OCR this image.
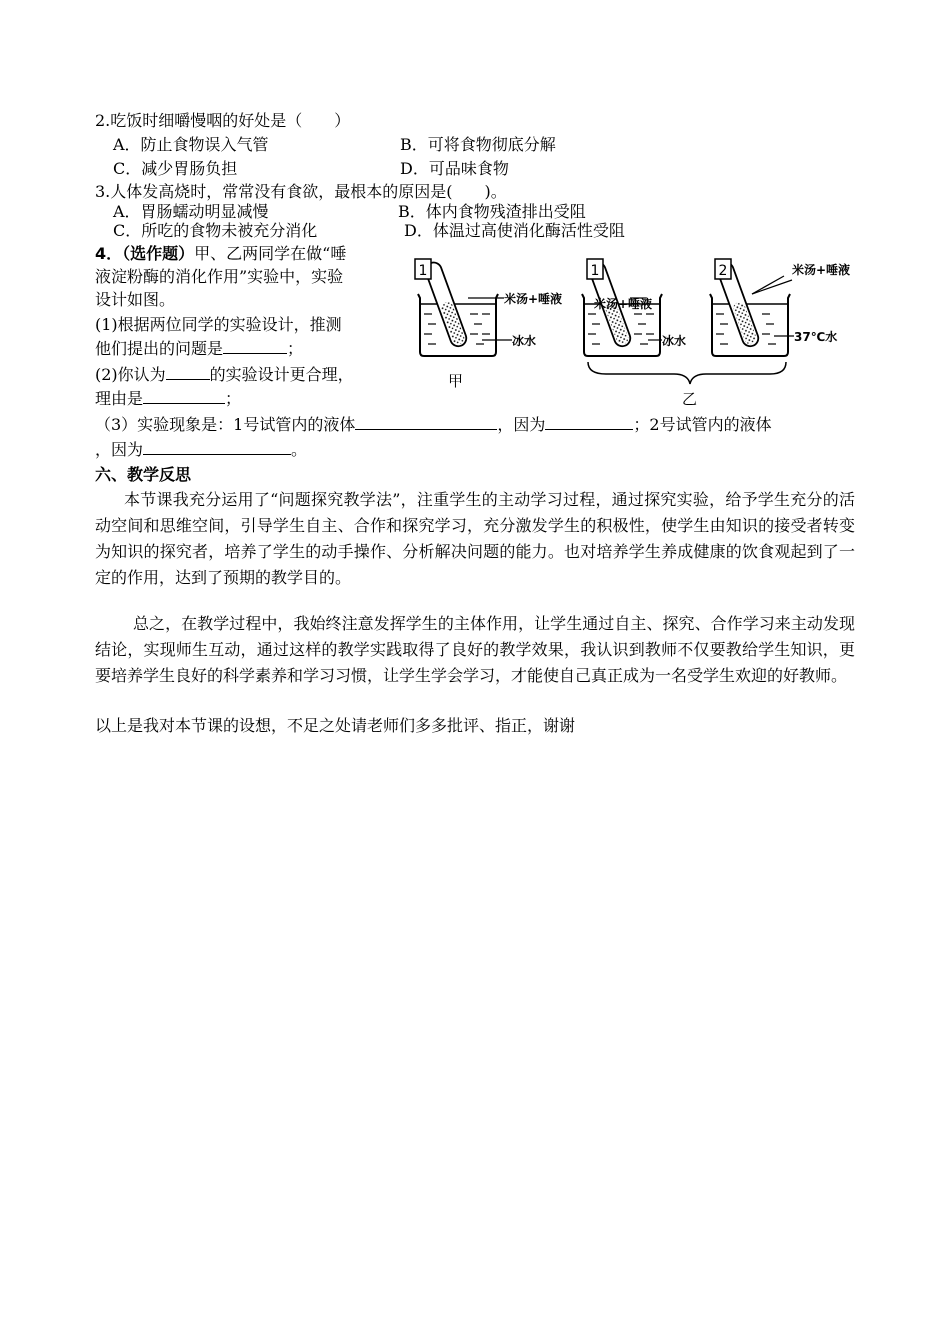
2.吃饭时细嚼慢咽的好处是（　　）
A．防止食物误入气管	B．可将食物彻底分解
C．减少胃肠负担	D．可品味食物
3.人体发高烧时，常常没有食欲，最根本的原因是(　　)。
A．胃肠蠕动明显减慢	B．体内食物残渣排出受阻
C．所吃的食物未被充分消化	D．体温过高使消化酶活性受阻
4．（选作题）甲、乙两同学在做“唾
液淀粉酶的消化作用”实验中，实验
设计如图。
(1)根据两位同学的实验设计，推测
他们提出的问题是	；
(2)你认为	的实验设计更合理，
理由是	；
（3）实验现象是：1号试管内的液体	，因为	；2号试管内的液体
，因为	。
1
米汤+唾液
冰水
甲
1
米汤+唾液
冰水
2	米汤+唾液
37℃水
乙
六、教学反思
本节课我充分运用了“问题探究教学法”，注重学生的主动学习过程，通过探究实验，给予学生充分的活动空间和思维空间，引导学生自主、合作和探究学习，充分激发学生的积极性，使学生由知识的接受者转变为知识的探究者，培养了学生的动手操作、分析解决问题的能力。也对培养学生养成健康的饮食观起到了一定的作用，达到了预期的教学目的。
总之，在教学过程中，我始终注意发挥学生的主体作用，让学生通过自主、探究、合作学习来主动发现结论，实现师生互动，通过这样的教学实践取得了良好的教学效果，我认识到教师不仅要教给学生知识，更要培养学生良好的科学素养和学习习惯，让学生学会学习，才能使自己真正成为一名受学生欢迎的好教师。
以上是我对本节课的设想，不足之处请老师们多多批评、指正，谢谢
